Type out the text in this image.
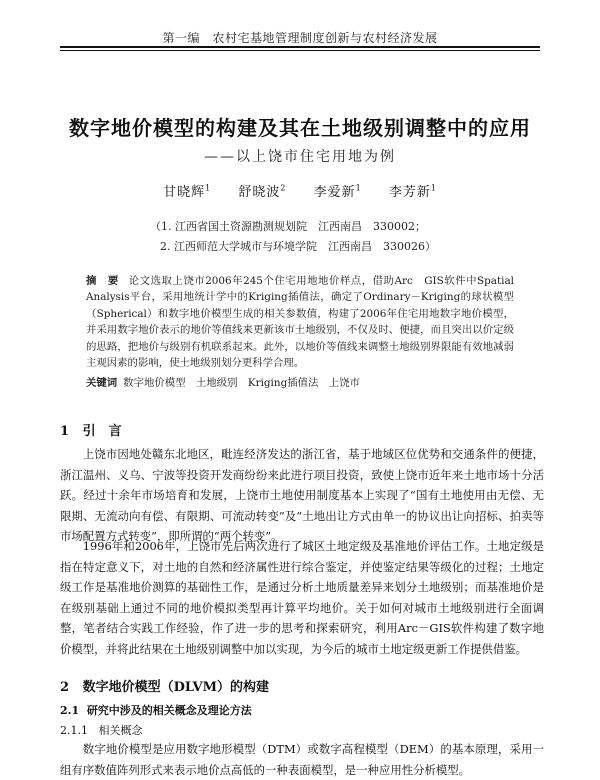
第一编　农村宅基地管理制度创新与农村经济发展
数字地价模型的构建及其在土地级别调整中的应用
——以上饶市住宅用地为例
甘晓辉$^1$ 舒晓波$^2$ 李爱新$^1$ 李芳新$^1$
（1. 江西省国土资源勘测规划院　江西南昌　330002；
2. 江西师范大学城市与环境学院　江西南昌　330026）
摘　要 论文选取上饶市2006年245个住宅用地地价样点，借助Arc　GIS软件中Spatial Analysis平台，采用地统计学中的Kriging插值法，确定了Ordinary－Kriging的球状模型（Spherical）和数字地价模型生成的相关参数值，构建了2006年住宅用地数字地价模型，并采用数字地价表示的地价等值线来更新该市土地级别，不仅及时、便捷，而且突出以价定级的思路，把地价与级别有机联系起来。此外，以地价等值线来调整土地级别界限能有效地减弱主观因素的影响，使土地级别划分更科学合理。
关键词 数字地价模型　土地级别　Kriging插值法　上饶市
1 引　言
上饶市因地处赣东北地区，毗连经济发达的浙江省，基于地域区位优势和交通条件的便捷，浙江温州、义乌、宁波等投资开发商纷纷来此进行项目投资，致使上饶市近年来土地市场十分活跃。经过十余年市场培育和发展，上饶市土地使用制度基本上实现了“国有土地使用由无偿、无限期、无流动向有偿、有限期、可流动转变”及“土地出让方式由单一的协议出让向招标、拍卖等市场配置方式转变”，即所谓的“两个转变”。
1996年和2006年，上饶市先后两次进行了城区土地定级及基准地价评估工作。土地定级是指在特定意义下，对土地的自然和经济属性进行综合鉴定，并使鉴定结果等级化的过程；土地定级工作是基准地价测算的基础性工作，是通过分析土地质量差异来划分土地级别；而基准地价是在级别基础上通过不同的地价模拟类型再计算平均地价。关于如何对城市土地级别进行全面调整，笔者结合实践工作经验，作了进一步的思考和探索研究，利用Arc－GIS软件构建了数字地价模型，并将此结果在土地级别调整中加以实现，为今后的城市土地定级更新工作提供借鉴。
2 数字地价模型（DLVM）的构建
2.1 研究中涉及的相关概念及理论方法
2.1.1 相关概念
数字地价模型是应用数字地形模型（DTM）或数字高程模型（DEM）的基本原理，采用一组有序数值阵列形式来表示地价点高低的一种表面模型，是一种应用性分析模型。
